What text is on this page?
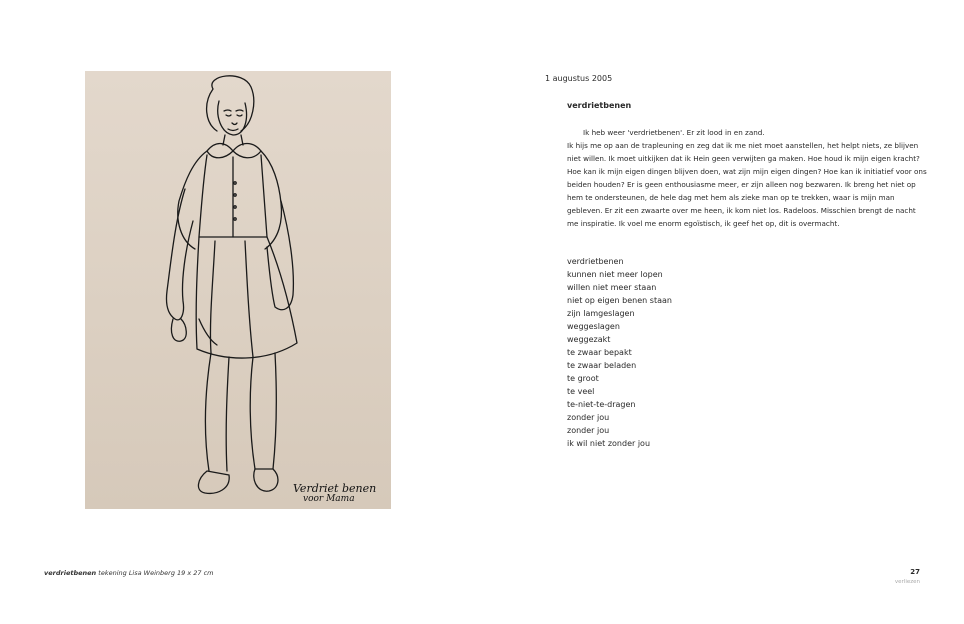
Verdriet benen
voor Mama
1 augustus 2005
verdrietbenen

Ik heb weer 'verdrietbenen'. Er zit lood in en zand.

Ik hijs me op aan de trapleuning en zeg dat ik me niet moet aanstellen, het helpt niets, ze blijven niet willen. Ik moet uitkijken dat ik Hein geen verwijten ga maken. Hoe houd ik mijn eigen kracht? Hoe kan ik mijn eigen dingen blijven doen, wat zijn mijn eigen dingen? Hoe kan ik initiatief voor ons beiden houden? Er is geen enthousiasme meer, er zijn alleen nog bezwaren. Ik breng het niet op hem te ondersteunen, de hele dag met hem als zieke man op te trekken, waar is mijn man gebleven. Er zit een zwaarte over me heen, ik kom niet los. Radeloos. Misschien brengt de nacht me inspiratie. Ik voel me enorm egoïstisch, ik geef het op, dit is overmacht.

verdrietbenen
kunnen niet meer lopen
willen niet meer staan
niet op eigen benen staan
zijn lamgeslagen
weggeslagen
weggezakt
te zwaar bepakt
te zwaar beladen
te groot
te veel
te-niet-te-dragen
zonder jou
zonder jou
ik wil niet zonder jou
verdrietbenen tekening Lisa Weinberg 19 x 27 cm	27
verliezen
